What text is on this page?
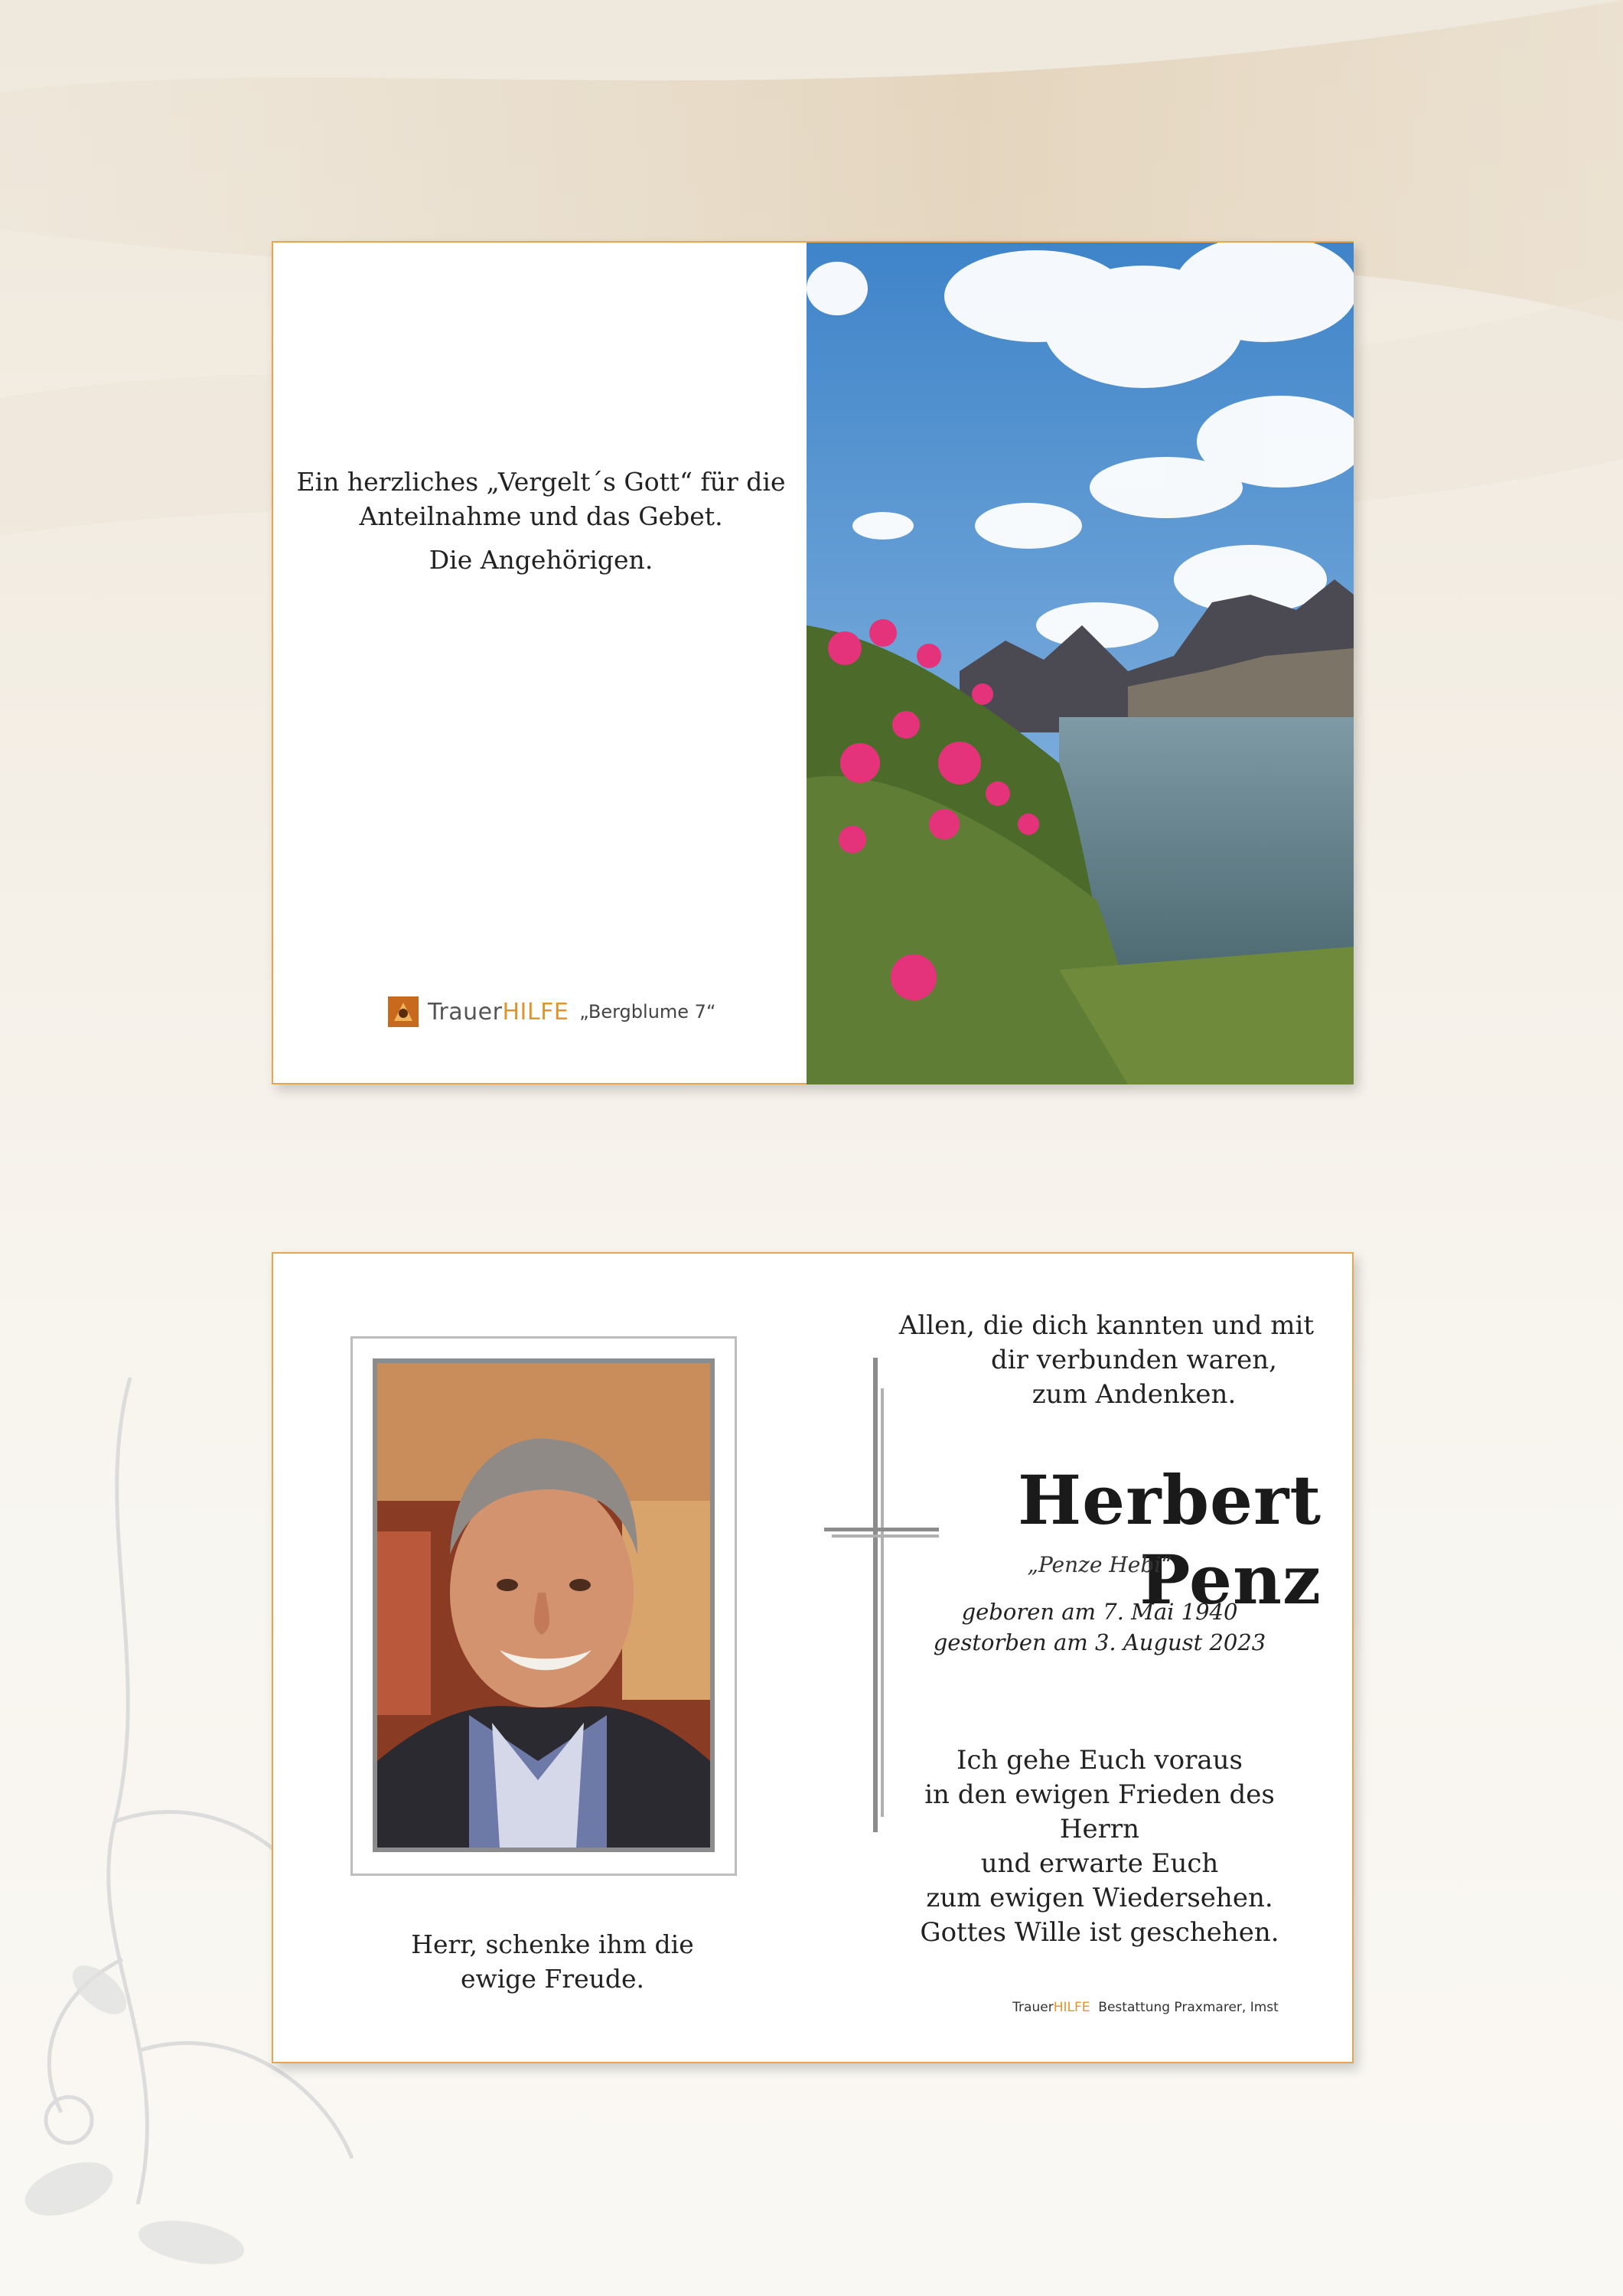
Ein herzliches „Vergelt´s Gott“ für die
Anteilnahme und das Gebet.
Die Angehörigen.
TrauerHILFE „Bergblume 7“
Herr, schenke ihm die
ewige Freude.
Allen, die dich kannten und mit
dir verbunden waren,
zum Andenken.
Herbert Penz
„Penze Hebi“
geboren am 7. Mai 1940
gestorben am 3. August 2023
Ich gehe Euch voraus
in den ewigen Frieden des Herrn
und erwarte Euch
zum ewigen Wiedersehen.
Gottes Wille ist geschehen.
TrauerHILFE Bestattung Praxmarer, Imst
